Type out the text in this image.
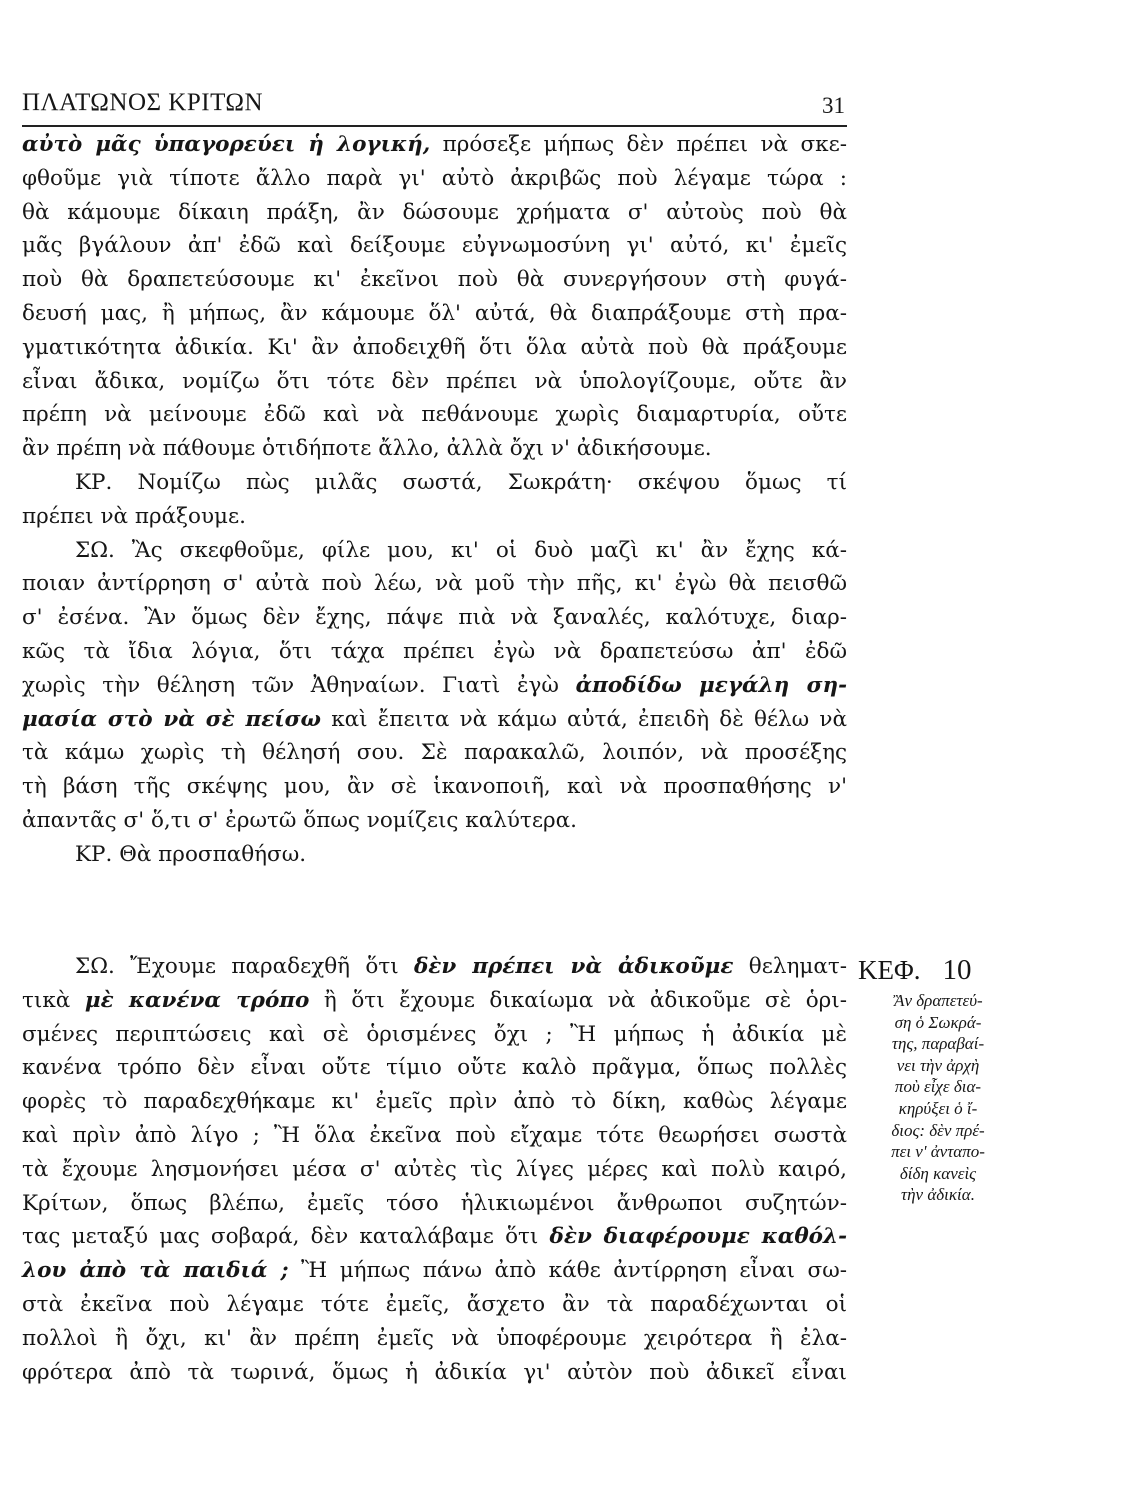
ΠΛΑΤΩΝΟΣ ΚΡΙΤΩΝ	31
αὐτὸ μᾶς ὑπαγορεύει ἡ λογική, πρόσεξε μήπως δὲν πρέπει νὰ σκε-
φθοῦμε γιὰ τίποτε ἄλλο παρὰ γι' αὐτὸ ἀκριβῶς ποὺ λέγαμε τώρα :
θὰ κάμουμε δίκαιη πράξη, ἂν δώσουμε χρήματα σ' αὐτοὺς ποὺ θὰ
μᾶς βγάλουν ἀπ' ἐδῶ καὶ δείξουμε εὐγνωμοσύνη γι' αὐτό, κι' ἐμεῖς
ποὺ θὰ δραπετεύσουμε κι' ἐκεῖνοι ποὺ θὰ συνεργήσουν στὴ φυγά-
δευσή μας, ἢ μήπως, ἂν κάμουμε ὅλ' αὐτά, θὰ διαπράξουμε στὴ πρα-
γματικότητα ἀδικία. Κι' ἂν ἀποδειχθῆ ὅτι ὅλα αὐτὰ ποὺ θὰ πράξουμε
εἶναι ἄδικα, νομίζω ὅτι τότε δὲν πρέπει νὰ ὑπολογίζουμε, οὔτε ἂν
πρέπη νὰ μείνουμε ἐδῶ καὶ νὰ πεθάνουμε χωρὶς διαμαρτυρία, οὔτε
ἂν πρέπη νὰ πάθουμε ὁτιδήποτε ἄλλο, ἀλλὰ ὄχι ν' ἀδικήσουμε.
ΚΡ. Νομίζω πὼς μιλᾶς σωστά, Σωκράτη· σκέψου ὅμως τί
πρέπει νὰ πράξουμε.
ΣΩ. Ἂς σκεφθοῦμε, φίλε μου, κι' οἱ δυὸ μαζὶ κι' ἂν ἔχης κά-
ποιαν ἀντίρρηση σ' αὐτὰ ποὺ λέω, νὰ μοῦ τὴν πῆς, κι' ἐγὼ θὰ πεισθῶ
σ' ἐσένα. Ἂν ὅμως δὲν ἔχης, πάψε πιὰ νὰ ξαναλές, καλότυχε, διαρ-
κῶς τὰ ἴδια λόγια, ὅτι τάχα πρέπει ἐγὼ νὰ δραπετεύσω ἀπ' ἐδῶ
χωρὶς τὴν θέληση τῶν Ἀθηναίων. Γιατὶ ἐγὼ ἀποδίδω μεγάλη ση-
μασία στὸ νὰ σὲ πείσω καὶ ἔπειτα νὰ κάμω αὐτά, ἐπειδὴ δὲ θέλω νὰ
τὰ κάμω χωρὶς τὴ θέλησή σου. Σὲ παρακαλῶ, λοιπόν, νὰ προσέξης
τὴ βάση τῆς σκέψης μου, ἂν σὲ ἱκανοποιῆ, καὶ νὰ προσπαθήσης ν'
ἀπαντᾶς σ' ὅ,τι σ' ἐρωτῶ ὅπως νομίζεις καλύτερα.
ΚΡ. Θὰ προσπαθήσω.
ΣΩ. Ἔχουμε παραδεχθῆ ὅτι δὲν πρέπει νὰ ἀδικοῦμε θεληματ-
τικὰ μὲ κανένα τρόπο ἢ ὅτι ἔχουμε δικαίωμα νὰ ἀδικοῦμε σὲ ὁρι-
σμένες περιπτώσεις καὶ σὲ ὁρισμένες ὄχι ; Ἢ μήπως ἡ ἀδικία μὲ
κανένα τρόπο δὲν εἶναι οὔτε τίμιο οὔτε καλὸ πρᾶγμα, ὅπως πολλὲς
φορὲς τὸ παραδεχθήκαμε κι' ἐμεῖς πρὶν ἀπὸ τὸ δίκη, καθὼς λέγαμε
καὶ πρὶν ἀπὸ λίγο ; Ἢ ὅλα ἐκεῖνα ποὺ εἴχαμε τότε θεωρήσει σωστὰ
τὰ ἔχουμε λησμονήσει μέσα σ' αὐτὲς τὶς λίγες μέρες καὶ πολὺ καιρό,
Κρίτων, ὅπως βλέπω, ἐμεῖς τόσο ἡλικιωμένοι ἄνθρωποι συζητών-
τας μεταξύ μας σοβαρά, δὲν καταλάβαμε ὅτι δὲν διαφέρουμε καθόλ-
λου ἀπὸ τὰ παιδιά ; Ἢ μήπως πάνω ἀπὸ κάθε ἀντίρρηση εἶναι σω-
στὰ ἐκεῖνα ποὺ λέγαμε τότε ἐμεῖς, ἄσχετο ἂν τὰ παραδέχωνται οἱ
πολλοὶ ἢ ὄχι, κι' ἂν πρέπη ἐμεῖς νὰ ὑποφέρουμε χειρότερα ἢ ἐλα-
φρότερα ἀπὸ τὰ τωρινά, ὅμως ἡ ἀδικία γι' αὐτὸν ποὺ ἀδικεῖ εἶναι
ΚΕΦ. 10
Ἂν δραπετεύ-
ση ὁ Σωκρά-
της, παραβαί-
νει τὴν ἀρχὴ
ποὺ εἶχε δια-
κηρύξει ὁ ἴ-
διος: δὲν πρέ-
πει ν' ἀνταπο-
δίδη κανεὶς
τὴν ἀδικία.
